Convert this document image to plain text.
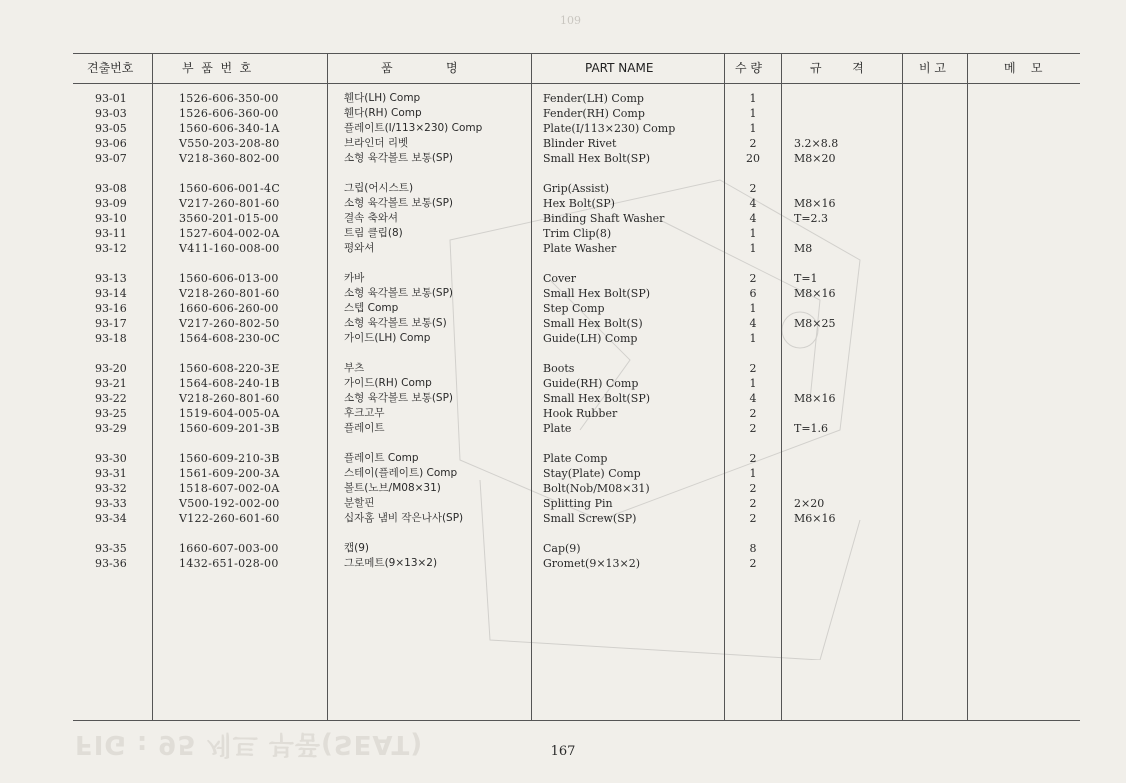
109
견출번호	부  품  번  호	품              명	PART NAME	수 량	규        격	비 고	메    모
93-01	1526-606-350-00	휀다(LH) Comp	Fender(LH) Comp	1
93-03	1526-606-360-00	휀다(RH) Comp	Fender(RH) Comp	1
93-05	1560-606-340-1A	플레이트(I/113×230) Comp	Plate(I/113×230) Comp	1
93-06	V550-203-208-80	브라인더 리벳	Blinder Rivet	2	3.2×8.8
93-07	V218-360-802-00	소형 육각볼트 보통(SP)	Small Hex Bolt(SP)	20	M8×20
93-08	1560-606-001-4C	그립(어시스트)	Grip(Assist)	2
93-09	V217-260-801-60	소형 육각볼트 보통(SP)	Hex Bolt(SP)	4	M8×16
93-10	3560-201-015-00	결속 축와셔	Binding Shaft Washer	4	T=2.3
93-11	1527-604-002-0A	트림 클립(8)	Trim Clip(8)	1
93-12	V411-160-008-00	평와셔	Plate Washer	1	M8
93-13	1560-606-013-00	카바	Cover	2	T=1
93-14	V218-260-801-60	소형 육각볼트 보통(SP)	Small Hex Bolt(SP)	6	M8×16
93-16	1660-606-260-00	스텝 Comp	Step Comp	1
93-17	V217-260-802-50	소형 육각볼트 보통(S)	Small Hex Bolt(S)	4	M8×25
93-18	1564-608-230-0C	가이드(LH) Comp	Guide(LH) Comp	1
93-20	1560-608-220-3E	부츠	Boots	2
93-21	1564-608-240-1B	가이드(RH) Comp	Guide(RH) Comp	1
93-22	V218-260-801-60	소형 육각볼트 보통(SP)	Small Hex Bolt(SP)	4	M8×16
93-25	1519-604-005-0A	후크고무	Hook Rubber	2
93-29	1560-609-201-3B	플레이트	Plate	2	T=1.6
93-30	1560-609-210-3B	플레이트 Comp	Plate Comp	2
93-31	1561-609-200-3A	스테이(플레이트) Comp	Stay(Plate) Comp	1
93-32	1518-607-002-0A	볼트(노브/M08×31)	Bolt(Nob/M08×31)	2
93-33	V500-192-002-00	분할핀	Splitting Pin	2	2×20
93-34	V122-260-601-60	십자홈 냄비 작은나사(SP)	Small Screw(SP)	2	M6×16
93-35	1660-607-003-00	캡(9)	Cap(9)	8
93-36	1432-651-028-00	그로메트(9×13×2)	Gromet(9×13×2)	2
FIG : 95 세트 부품(SEAT)	167
